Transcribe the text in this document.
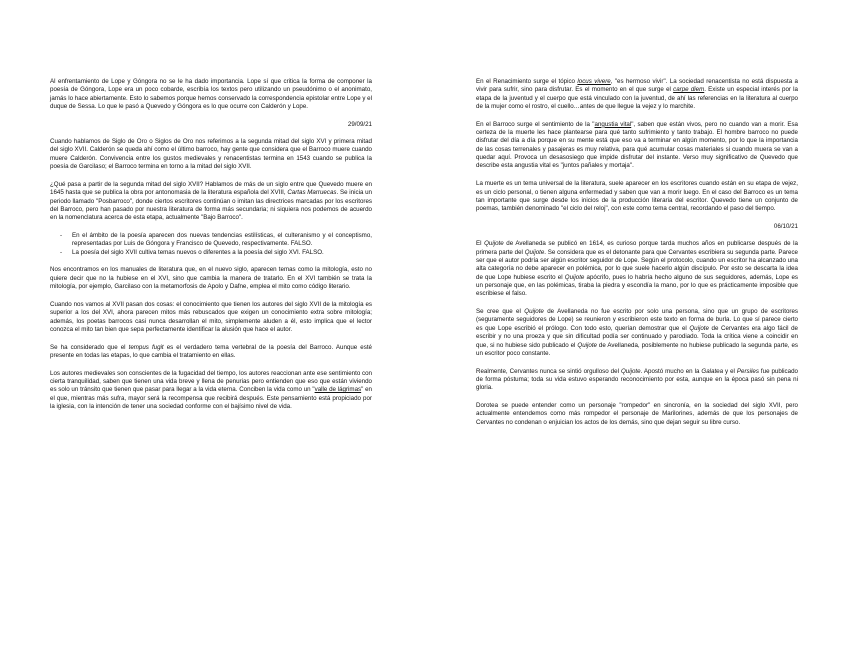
Al enfrentamiento de Lope y Góngora no se le ha dado importancia. Lope sí que critica la forma de componer la poesía de Góngora, Lope era un poco cobarde, escribía los textos pero utilizando un pseudónimo o el anonimato, jamás lo hace abiertamente. Esto lo sabemos porque hemos conservado la correspondencia epistolar entre Lope y el duque de Sessa. Lo que le pasó a Quevedo y Góngora es lo que ocurre con Calderón y Lope.

29/09/21

Cuando hablamos de Siglo de Oro o Siglos de Oro nos referimos a la segunda mitad del siglo XVI y primera mitad del siglo XVII. Calderón se queda ahí como el último barroco, hay gente que considera que el Barroco muere cuando muere Calderón. Convivencia entre los gustos medievales y renacentistas termina en 1543 cuando se publica la poesía de Garcilaso; el Barroco termina en torno a la mitad del siglo XVII.

¿Qué pasa a partir de la segunda mitad del siglo XVII? Hablamos de más de un siglo entre que Quevedo muere en 1645 hasta que se publica la obra por antonomasia de la literatura española del XVIII, Cartas Marruecas. Se inicia un periodo llamado "Posbarroco", donde ciertos escritores continúan o imitan las directrices marcadas por los escritores del Barroco, pero han pasado por nuestra literatura de forma más secundaria; ni siquiera nos podemos de acuerdo en la nomenclatura acerca de esta etapa, actualmente "Bajo Barroco".

- En el ámbito de la poesía aparecen dos nuevas tendencias estilísticas, el culteranismo y el conceptismo, representadas por Luis de Góngora y Francisco de Quevedo, respectivamente. FALSO.
- La poesía del siglo XVII cultiva temas nuevos o diferentes a la poesía del siglo XVI. FALSO.

Nos encontramos en los manuales de literatura que, en el nuevo siglo, aparecen temas como la mitología, esto no quiere decir que no la hubiese en el XVI, sino que cambia la manera de tratarlo. En el XVI también se trata la mitología, por ejemplo, Garcilaso con la metamorfosis de Apolo y Dafne, emplea el mito como código literario.

Cuando nos vamos al XVII pasan dos cosas: el conocimiento que tienen los autores del siglo XVII de la mitología es superior a los del XVI, ahora parecen mitos más rebuscados que exigen un conocimiento extra sobre mitología; además, los poetas barrocos casi nunca desarrollan el mito, simplemente aluden a él, esto implica que el lector conozca el mito tan bien que sepa perfectamente identificar la alusión que hace el autor.

Se ha considerado que el tempus fugit es el verdadero tema vertebral de la poesía del Barroco. Aunque esté presente en todas las etapas, lo que cambia el tratamiento en ellas.

Los autores medievales son conscientes de la fugacidad del tiempo, los autores reaccionan ante ese sentimiento con cierta tranquilidad, saben que tienen una vida breve y llena de penurias pero entienden que eso que están viviendo es solo un tránsito que tienen que pasar para llegar a la vida eterna. Conciben la vida como un "valle de lágrimas" en el que, mientras más sufra, mayor será la recompensa que recibirá después. Este pensamiento está propiciado por la iglesia, con la intención de tener una sociedad conforme con el bajísimo nivel de vida.

En el Renacimiento surge el tópico locus vivere, "es hermoso vivir". La sociedad renacentista no está dispuesta a vivir para sufrir, sino para disfrutar. Es el momento en el que surge el carpe diem. Existe un especial interés por la etapa de la juventud y el cuerpo que está vinculado con la juventud, de ahí las referencias en la literatura al cuerpo de la mujer como el rostro, el cuello…antes de que llegue la vejez y lo marchite.

En el Barroco surge el sentimiento de la "angustia vital", saben que están vivos, pero no cuando van a morir. Esa certeza de la muerte les hace plantearse para qué tanto sufrimiento y tanto trabajo. El hombre barroco no puede disfrutar del día a día porque en su mente está que eso va a terminar en algún momento, por lo que la importancia de las cosas terrenales y pasajeras es muy relativa, para qué acumular cosas materiales si cuando muera se van a quedar aquí. Provoca un desasosiego que impide disfrutar del instante. Verso muy significativo de Quevedo que describe esta angustia vital es "juntos pañales y mortaja".

La muerte es un tema universal de la literatura, suele aparecer en los escritores cuando están en su etapa de vejez, es un ciclo personal, o tienen alguna enfermedad y saben que van a morir luego. En el caso del Barroco es un tema tan importante que surge desde los inicios de la producción literaria del escritor. Quevedo tiene un conjunto de poemas, también denominado "el ciclo del reloj", con este como tema central, recordando el paso del tiempo.

06/10/21

El Quijote de Avellaneda se publicó en 1614, es curioso porque tarda muchos años en publicarse después de la primera parte del Quijote. Se considera que es el detonante para que Cervantes escribiera su segunda parte. Parece ser que el autor podría ser algún escritor seguidor de Lope. Según el protocolo, cuando un escritor ha alcanzado una alta categoría no debe aparecer en polémica, por lo que suele hacerlo algún discípulo. Por esto se descarta la idea de que Lope hubiese escrito el Quijote apócrifo, pues lo habría hecho alguno de sus seguidores, además, Lope es un personaje que, en las polémicas, tiraba la piedra y escondía la mano, por lo que es prácticamente imposible que escribiese el falso.

Se cree que el Quijote de Avellaneda no fue escrito por solo una persona, sino que un grupo de escritores (seguramente seguidores de Lope) se reunieron y escribieron este texto en forma de burla. Lo que sí parece cierto es que Lope escribió el prólogo. Con todo esto, querían demostrar que el Quijote de Cervantes era algo fácil de escribir y no una proeza y que sin dificultad podía ser continuado y parodiado. Toda la crítica viene a coincidir en que, si no hubiese sido publicado el Quijote de Avellaneda, posiblemente no hubiese publicado la segunda parte, es un escritor poco constante.

Realmente, Cervantes nunca se sintió orgulloso del Quijote. Apostó mucho en la Galatea y el Persiles fue publicado de forma póstuma; toda su vida estuvo esperando reconocimiento por esta, aunque en la época pasó sin pena ni gloria.

Dorotea se puede entender como un personaje "rompedor" en sincronía, en la sociedad del siglo XVII, pero actualmente entendemos como más rompedor el personaje de Marilorines, además de que los personajes de Cervantes no condenan o enjuician los actos de los demás, sino que dejan seguir su libre curso.
